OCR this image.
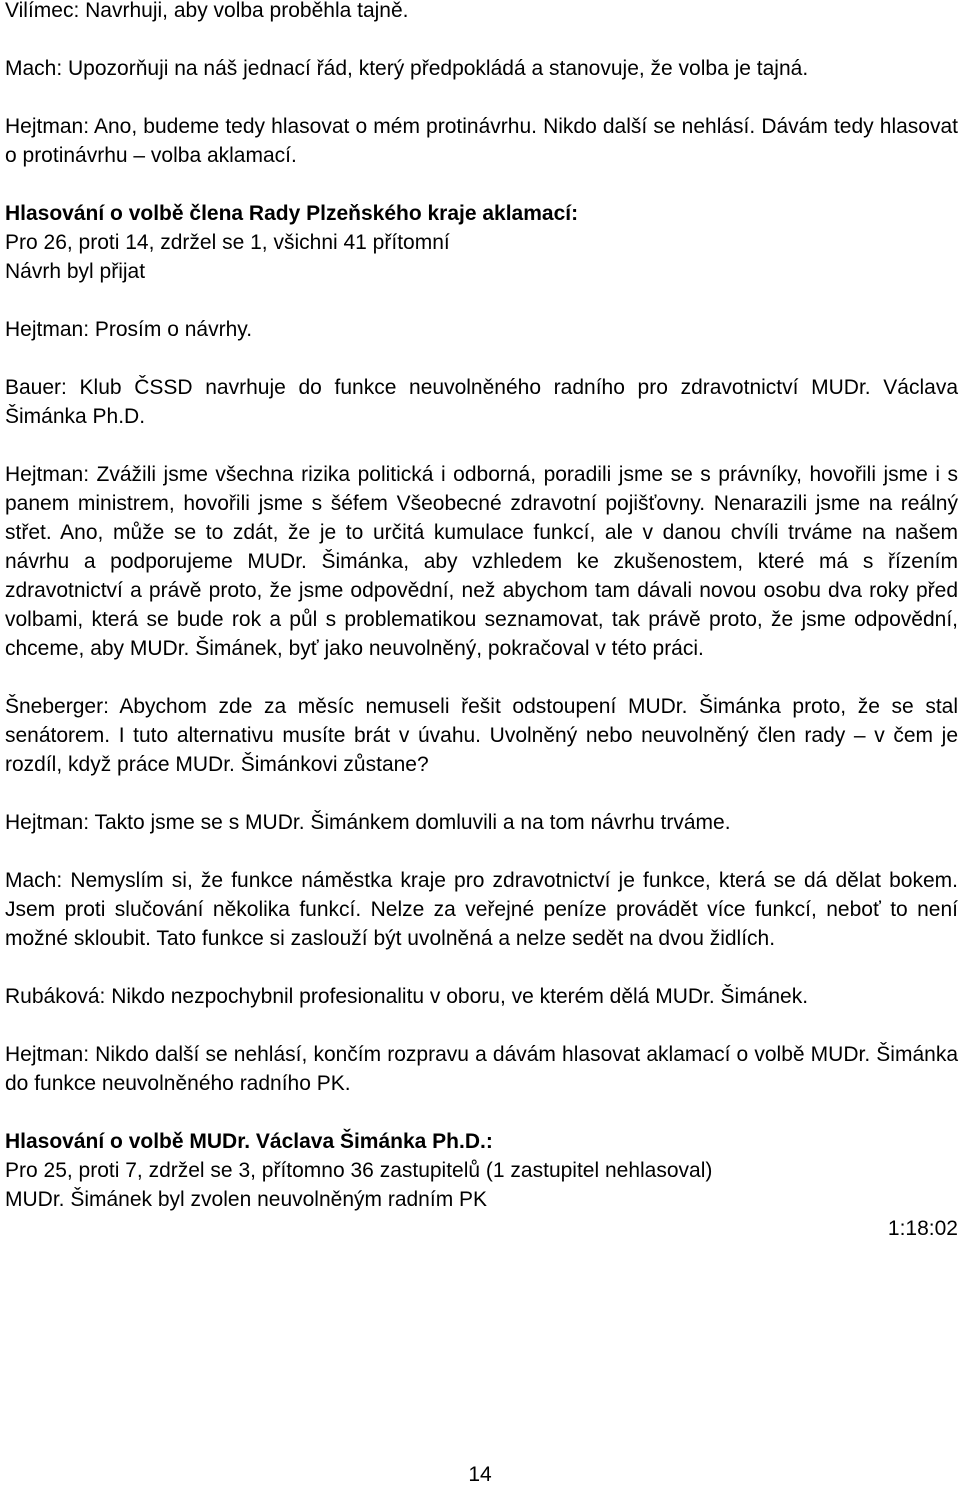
Vilímec: Navrhuji, aby volba proběhla tajně.

Mach: Upozorňuji na náš jednací řád, který předpokládá a stanovuje, že volba je tajná.

Hejtman: Ano, budeme tedy hlasovat o mém protinávrhu. Nikdo další se nehlásí. Dávám tedy hlasovat o protinávrhu – volba aklamací.

Hlasování o volbě člena Rady Plzeňského kraje aklamací:

Pro 26, proti 14, zdržel se 1, všichni 41 přítomní

Návrh byl přijat

Hejtman: Prosím o návrhy.

Bauer: Klub ČSSD navrhuje do funkce neuvolněného radního pro zdravotnictví MUDr. Václava Šimánka Ph.D.

Hejtman: Zvážili jsme všechna rizika politická i odborná, poradili jsme se s právníky, hovořili jsme i s panem ministrem, hovořili jsme s šéfem Všeobecné zdravotní pojišťovny. Nenarazili jsme na reálný střet. Ano, může se to zdát, že je to určitá kumulace funkcí, ale v danou chvíli trváme na našem návrhu a podporujeme MUDr. Šimánka, aby vzhledem ke zkušenostem, které má s řízením zdravotnictví a právě proto, že jsme odpovědní, než abychom tam dávali novou osobu dva roky před volbami, která se bude rok a půl s problematikou seznamovat, tak právě proto, že jsme odpovědní, chceme, aby MUDr. Šimánek, byť jako neuvolněný, pokračoval v této práci.

Šneberger: Abychom zde za měsíc nemuseli řešit odstoupení MUDr. Šimánka proto, že se stal senátorem. I tuto alternativu musíte brát v úvahu. Uvolněný nebo neuvolněný člen rady – v čem je rozdíl, když práce MUDr. Šimánkovi zůstane?

Hejtman: Takto jsme se s MUDr. Šimánkem domluvili a na tom návrhu trváme.

Mach: Nemyslím si, že funkce náměstka kraje pro zdravotnictví je funkce, která se dá dělat bokem. Jsem proti slučování několika funkcí. Nelze za veřejné peníze provádět více funkcí, neboť to není možné skloubit. Tato funkce si zaslouží být uvolněná a nelze sedět na dvou židlích.

Rubáková: Nikdo nezpochybnil profesionalitu v oboru, ve kterém dělá MUDr. Šimánek.

Hejtman: Nikdo další se nehlásí, končím rozpravu a dávám hlasovat aklamací o volbě MUDr. Šimánka do funkce neuvolněného radního PK.

Hlasování o volbě MUDr. Václava Šimánka Ph.D.:

Pro 25, proti 7, zdržel se 3, přítomno 36 zastupitelů (1 zastupitel nehlasoval)

MUDr. Šimánek byl zvolen neuvolněným radním PK

1:18:02

14
